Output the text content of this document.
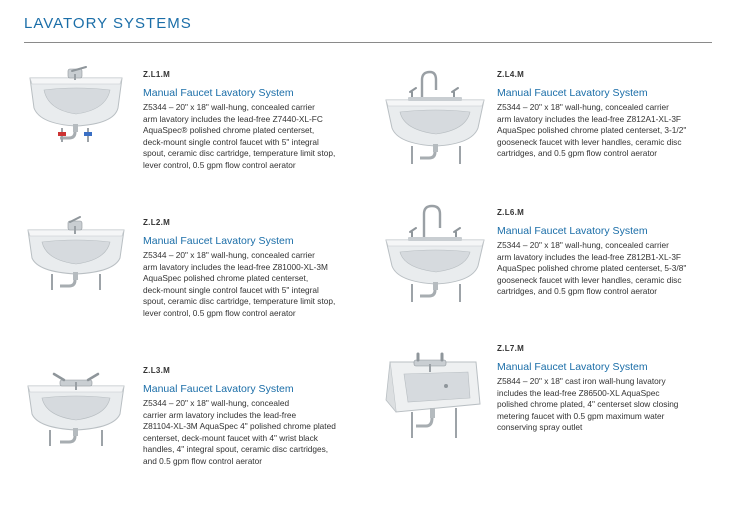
LAVATORY SYSTEMS
Z.L1.M
Manual Faucet Lavatory System
Z5344 – 20" x 18" wall-hung, concealed carrier
arm lavatory includes the lead-free Z7440-XL-FC
AquaSpec® polished chrome plated centerset,
deck-mount single control faucet with 5" integral
spout, ceramic disc cartridge, temperature limit stop,
lever control, 0.5 gpm flow control aerator
Z.L2.M
Manual Faucet Lavatory System
Z5344 – 20" x 18" wall-hung, concealed carrier
arm lavatory includes the lead-free Z81000-XL-3M
AquaSpec polished chrome plated centerset,
deck-mount single control faucet with 5" integral
spout, ceramic disc cartridge, temperature limit stop,
lever control, 0.5 gpm flow control aerator
Z.L3.M
Manual Faucet Lavatory System
Z5344 – 20" x 18" wall-hung, concealed
carrier arm lavatory includes the lead-free
Z81104-XL-3M AquaSpec 4" polished chrome plated
centerset, deck-mount faucet with 4" wrist black
handles, 4" integral spout, ceramic disc cartridges,
and 0.5 gpm flow control aerator
Z.L4.M
Manual Faucet Lavatory System
Z5344 – 20" x 18" wall-hung, concealed carrier
arm lavatory includes the lead-free Z812A1-XL-3F
AquaSpec polished chrome plated centerset, 3-1/2"
gooseneck faucet with lever handles, ceramic disc
cartridges, and 0.5 gpm flow control aerator
Z.L6.M
Manual Faucet Lavatory System
Z5344 – 20" x 18" wall-hung, concealed carrier
arm lavatory includes the lead-free Z812B1-XL-3F
AquaSpec polished chrome plated centerset, 5-3/8"
gooseneck faucet with lever handles, ceramic disc
cartridges, and 0.5 gpm flow control aerator
Z.L7.M
Manual Faucet Lavatory System
Z5844 – 20" x 18" cast iron wall-hung lavatory
includes the lead-free Z86500-XL AquaSpec
polished chrome plated, 4" centerset slow closing
metering faucet with 0.5 gpm maximum water
conserving spray outlet
